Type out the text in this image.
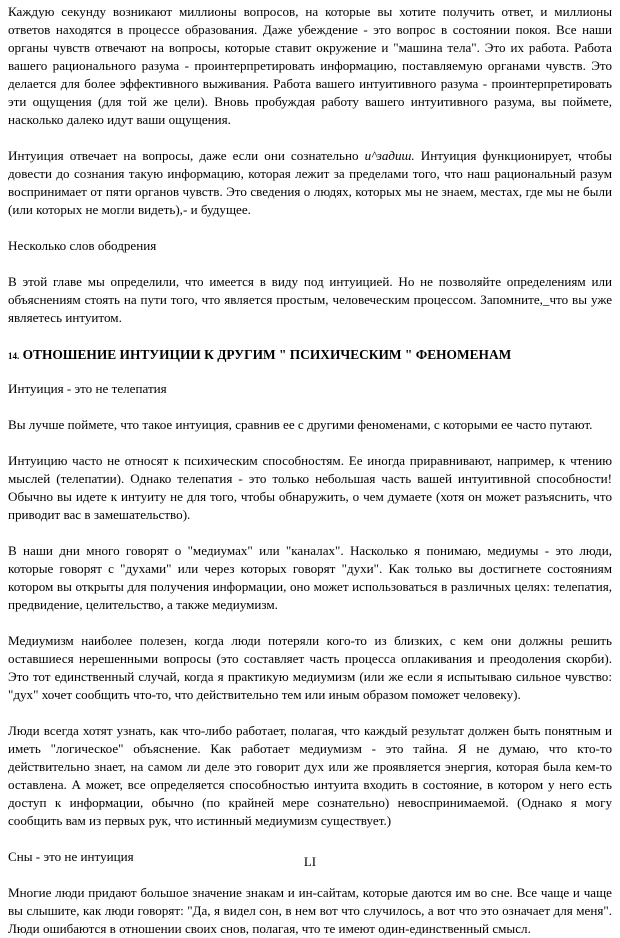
Каждую секунду возникают миллионы вопросов, на которые вы хотите получить ответ, и миллионы ответов находятся в процессе образования. Даже убеждение - это вопрос в состоянии покоя. Все наши органы чувств отвечают на вопросы, которые ставит окружение и "машина тела". Это их работа. Работа вашего рационального разума - проинтерпретировать информацию, поставляемую органами чувств. Это делается для более эффективного выживания. Работа вашего интуитивного разума - проинтерпретировать эти ощущения (для той же цели). Вновь пробуждая работу вашего интуитивного разума, вы поймете, насколько далеко идут ваши ощущения.

Интуиция отвечает на вопросы, даже если они сознательно и^задиш. Интуиция функционирует, чтобы довести до сознания такую информацию, которая лежит за пределами того, что наш рациональный разум воспринимает от пяти органов чувств. Это сведения о людях, которых мы не знаем, местах, где мы не были (или которых не могли видеть),- и будущее.

Несколько слов ободрения

В этой главе мы определили, что имеется в виду под интуицией. Но не позволяйте определениям или объяснениям стоять на пути того, что является простым, человеческим процессом. Запомните,_что вы уже являетесь интуитом.

14. ОТНОШЕНИЕ ИНТУИЦИИ К ДРУГИМ " ПСИХИЧЕСКИМ " ФЕНОМЕНАМ

Интуиция - это не телепатия

Вы лучше поймете, что такое интуиция, сравнив ее с другими феноменами, с которыми ее часто путают.

Интуицию часто не относят к психическим способностям. Ее иногда приравнивают, например, к чтению мыслей (телепатии). Однако телепатия - это только небольшая часть вашей интуитивной способности! Обычно вы идете к интуиту не для того, чтобы обнаружить, о чем думаете (хотя он может разъяснить, что приводит вас в замешательство).

В наши дни много говорят о "медиумах" или "каналах". Насколько я понимаю, медиумы - это люди, которые говорят с "духами" или через которых говорят "духи". Как только вы достигнете состояниям котором вы открыты для получения информации, оно может использоваться в различных целях: телепатия, предвидение, целительство, а также медиумизм.

Медиумизм наиболее полезен, когда люди потеряли кого-то из близких, с кем они должны решить оставшиеся нерешенными вопросы (это составляет часть процесса оплакивания и преодоления скорби). Это тот единственный случай, когда я практикую медиумизм (или же если я испытываю сильное чувство: "дух" хочет сообщить что-то, что действительно тем или иным образом поможет человеку).

Люди всегда хотят узнать, как что-либо работает, полагая, что каждый результат должен быть понятным и иметь "логическое" объяснение. Как работает медиумизм - это тайна. Я не думаю, что кто-то действительно знает, на самом ли деле это говорит дух или же проявляется энергия, которая была кем-то оставлена. А может, все определяется способностью интуита входить в состояние, в котором у него есть доступ к информации, обычно (по крайней мере сознательно) невоспринимаемой. (Однако я могу сообщить вам из первых рук, что истинный медиумизм существует.)

Сны - это не интуиция

Многие люди придают большое значение знакам и ин-сайтам, которые даются им во сне. Все чаще и чаще вы слышите, как люди говорят: "Да, я видел сон, в нем вот что случилось, а вот что это означает для меня". Люди ошибаются в отношении своих снов, полагая, что те имеют один-единственный смысл.

LI
